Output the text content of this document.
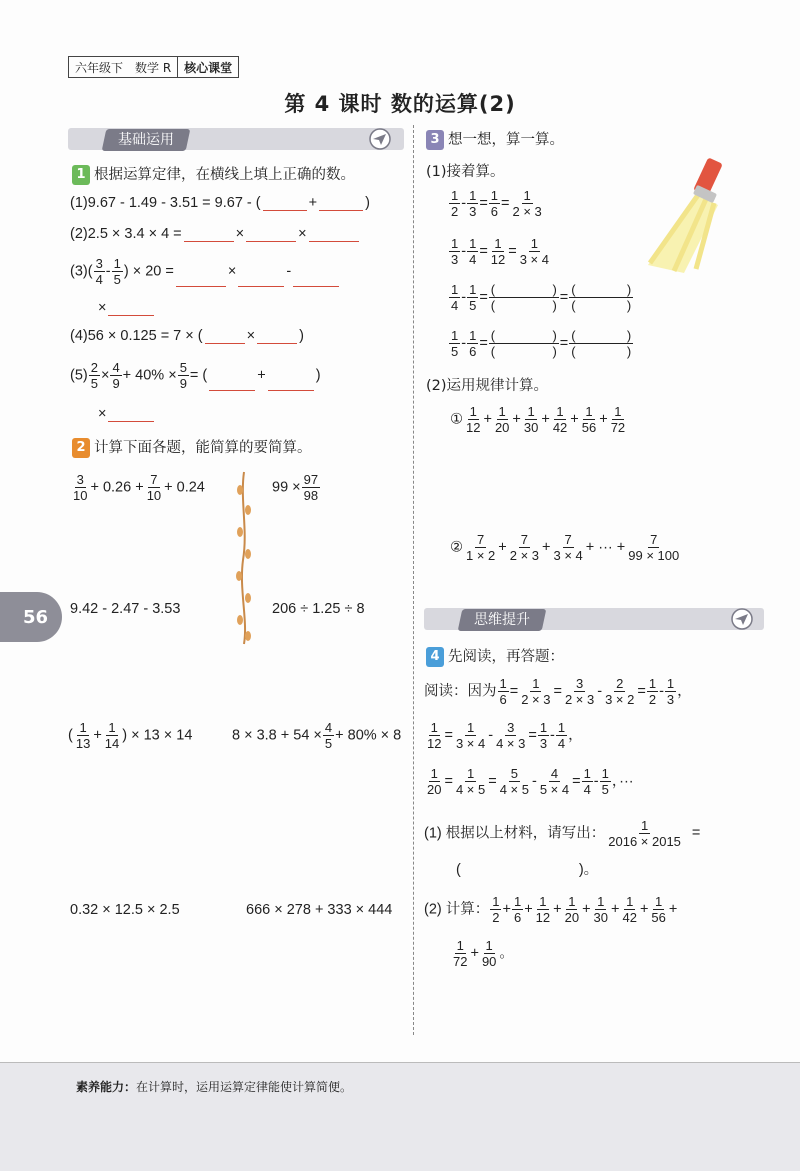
六年级下	数学 R	核心课堂
第 4 课时 数的运算(2)
基础运用
1 根据运算定律，在横线上填上正确的数。
(1)9.67 - 1.49 - 3.51 = 9.67 - (	+	)
(2)2.5 × 3.4 × 4 =	×	×
$(3)( \frac{3}{4} - \frac{1}{5}$ ) × 20 =	×	-
×
(4)56 × 0.125 = 7 × (	×	)
$(5) \frac{2}{5} \times \frac{4}{9} + 40\% \times \frac{5}{9}$ = (	+	)
×
2 计算下面各题，能简算的要简算。
$\frac{3}{10} + 0.26 + \frac{7}{10} + 0.24$	$99 \times \frac{97}{98}$
9.42 - 2.47 - 3.53	206 ÷ 1.25 ÷ 8
( $\frac{1}{13} + \frac{1}{14}$ ) × 13 × 14	$8 \times 3.8 + 54 \times \frac{4}{5} + 80\% \times 8$
0.32 × 12.5 × 2.5	666 × 278 + 333 × 444
56
3 想一想，算一算。
(1)接着算。
$\frac{1}{2} - \frac{1}{3} = \frac{1}{6} = \frac{1}{2 \times 3}$
$\frac{1}{3} - \frac{1}{4} = \frac{1}{12} = \frac{1}{3 \times 4}$
$\frac{1}{4} - \frac{1}{5}$ = (	)
(	) = (	)
(	)
$\frac{1}{5} - \frac{1}{6}$ = (	)
(	) = (	)
(	)
(2)运用规律计算。
① $\frac{1}{12} + \frac{1}{20} + \frac{1}{30} + \frac{1}{42} + \frac{1}{56} + \frac{1}{72}$
② $\frac{7}{1 \times 2} + \frac{7}{2 \times 3} + \frac{7}{3 \times 4}$ + ··· + $\frac{7}{99 \times 100}$
思维提升
4 先阅读，再答题：
阅读：因为 $\frac{1}{6} = \frac{1}{2 \times 3} = \frac{3}{2 \times 3} - \frac{2}{3 \times 2} = \frac{1}{2} - \frac{1}{3}$ ，
$\frac{1}{12} = \frac{1}{3 \times 4} - \frac{3}{4 \times 3} = \frac{1}{3} - \frac{1}{4}$ ，
$\frac{1}{20} = \frac{1}{4 \times 5} = \frac{5}{4 \times 5} - \frac{4}{5 \times 4} = \frac{1}{4} - \frac{1}{5}$ ，···
(1) 根据以上材料，请写出： $\frac{1}{2016 \times 2015}$ =
(	)。
(2) 计算： $\frac{1}{2} + \frac{1}{6} + \frac{1}{12} + \frac{1}{20} + \frac{1}{30} + \frac{1}{42} + \frac{1}{56}$ +
$\frac{1}{72} + \frac{1}{90}$ 。
素养能力：在计算时，运用运算定律能使计算简便。
